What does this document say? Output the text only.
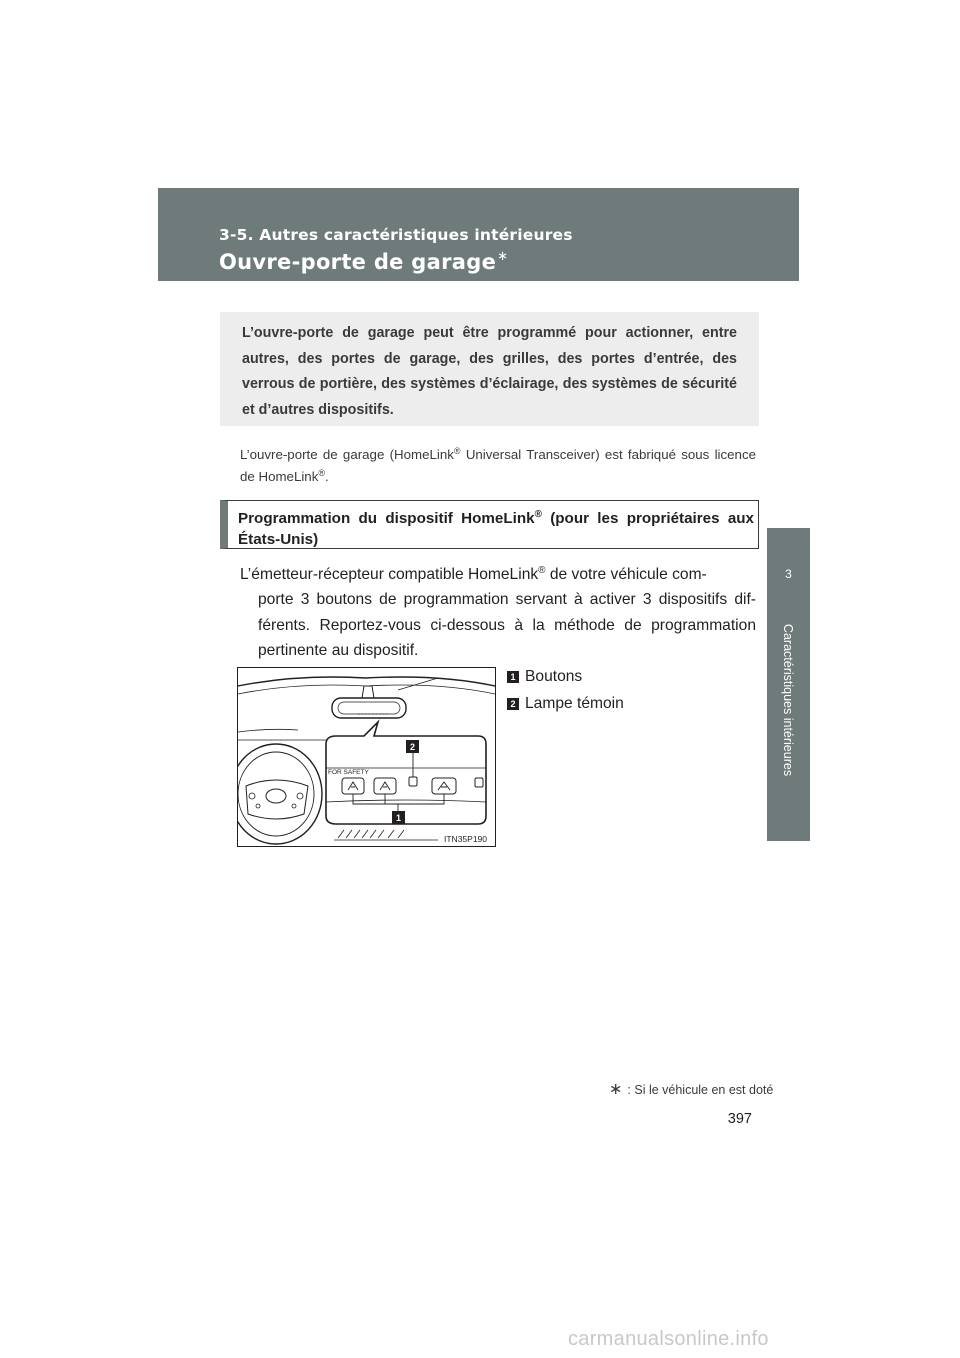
3-5. Autres caractéristiques intérieures
Ouvre-porte de garage∗
3
Caractéristiques intérieures

L’ouvre-porte de garage peut être programmé pour actionner, entre autres, des portes de garage, des grilles, des portes d’entrée, des verrous de portière, des systèmes d’éclairage, des systèmes de sécurité et d’autres dispositifs.

L’ouvre-porte de garage (HomeLink® Universal Transceiver) est fabriqué sous licence de HomeLink®.

Programmation du dispositif HomeLink® (pour les propriétaires aux États-Unis)

L’émetteur-récepteur compatible HomeLink® de votre véhicule com-
porte 3 boutons de programmation servant à activer 3 dispositifs différents. Reportez-vous ci-dessous à la méthode de programmation pertinente au dispositif.
FOR SAFETY
2
1
ITN35P190
1 Boutons
2 Lampe témoin
∗ : Si le véhicule en est doté
397
carmanualsonline.info
